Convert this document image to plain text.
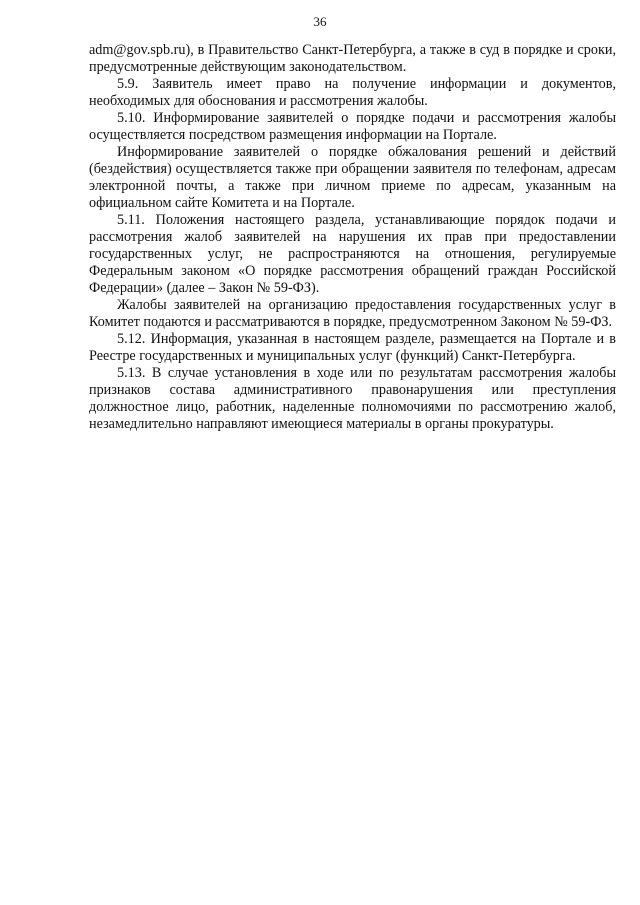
36

adm@gov.spb.ru), в Правительство Санкт-Петербурга, а также в суд в порядке и сроки, предусмотренные действующим законодательством.

5.9. Заявитель имеет право на получение информации и документов, необходимых для обоснования и рассмотрения жалобы.

5.10. Информирование заявителей о порядке подачи и рассмотрения жалобы осуществляется посредством размещения информации на Портале.

Информирование заявителей о порядке обжалования решений и действий (бездействия) осуществляется также при обращении заявителя по телефонам, адресам электронной почты, а также при личном приеме по адресам, указанным на официальном сайте Комитета и на Портале.

5.11. Положения настоящего раздела, устанавливающие порядок подачи и рассмотрения жалоб заявителей на нарушения их прав при предоставлении государственных услуг, не распространяются на отношения, регулируемые Федеральным законом «О порядке рассмотрения обращений граждан Российской Федерации» (далее – Закон № 59-ФЗ).

Жалобы заявителей на организацию предоставления государственных услуг в Комитет подаются и рассматриваются в порядке, предусмотренном Законом № 59-ФЗ.

5.12. Информация, указанная в настоящем разделе, размещается на Портале и в Реестре государственных и муниципальных услуг (функций) Санкт-Петербурга.

5.13. В случае установления в ходе или по результатам рассмотрения жалобы признаков состава административного правонарушения или преступления должностное лицо, работник, наделенные полномочиями по рассмотрению жалоб, незамедлительно направляют имеющиеся материалы в органы прокуратуры.
